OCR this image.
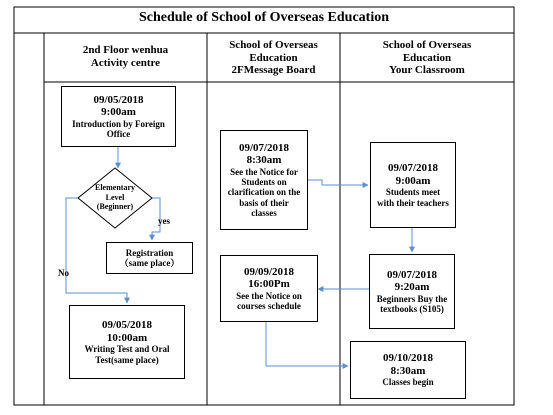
Schedule of School of Overseas Education
2nd Floor wenhua
Activity centre
School of Overseas
Education
2FMessage Board
School of Overseas
Education
Your Classroom
09/05/2018
9:00am
Introduction by Foreign
Office
Elementary
Level
(Beginner)
yes
No
Registration
（same place）
09/05/2018
10:00am
Writing Test and Oral
Test(same place)
09/07/2018
8:30am
See the Notice for
Students on
clarification on the
basis of their
classes
09/09/2018
16:00Pm
See the Notice on
courses schedule
09/07/2018
9:00am
Students meet
with their teachers
09/07/2018
9:20am
Beginners Buy the
textbooks (S105)
09/10/2018
8:30am
Classes begin
